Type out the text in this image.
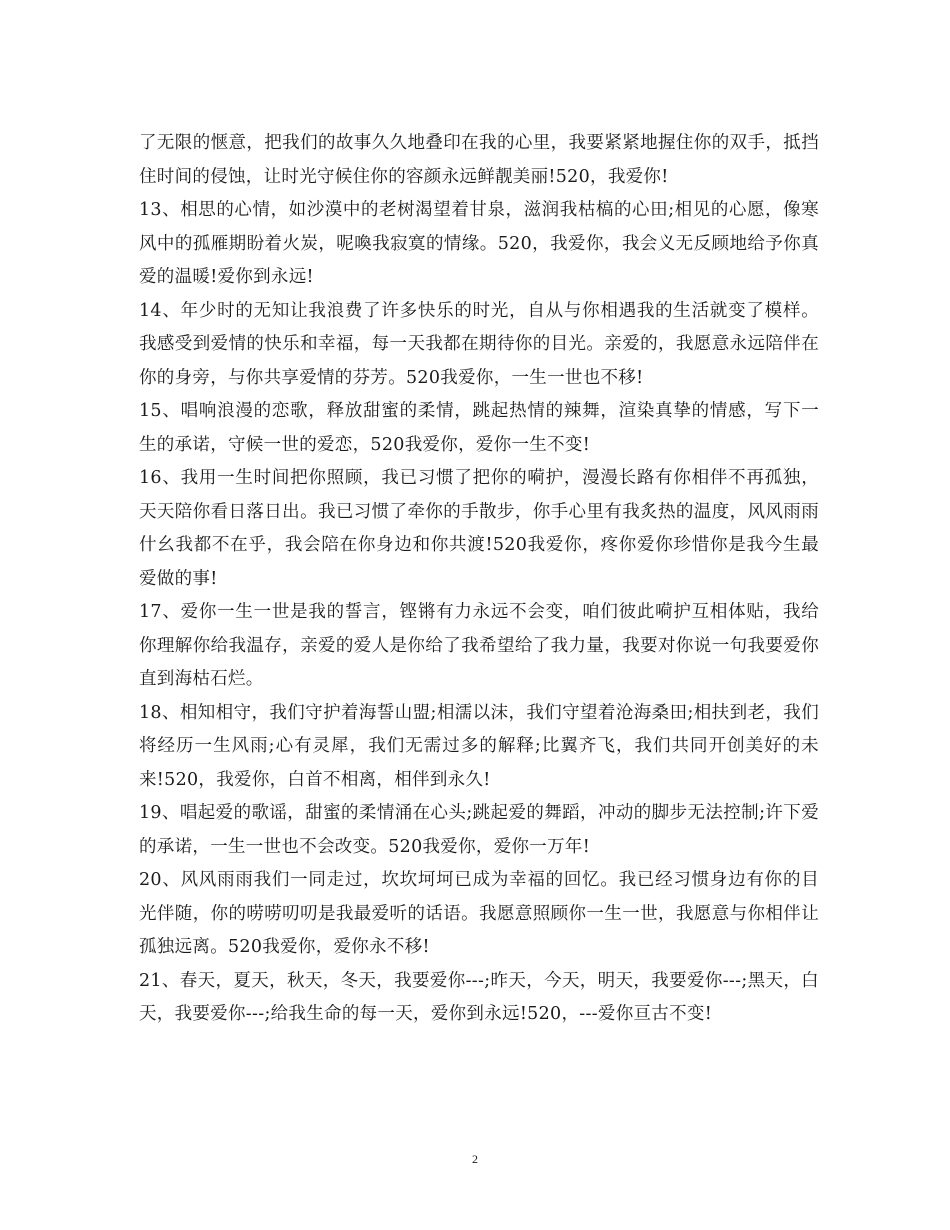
了无限的惬意，把我们的故事久久地叠印在我的心里，我要紧紧地握住你的双手，抵挡住时间的侵蚀，让时光守候住你的容颜永远鲜靓美丽!520，我爱你!

13、相思的心情，如沙漠中的老树渴望着甘泉，滋润我枯槁的心田;相见的心愿，像寒风中的孤雁期盼着火炭，呢喚我寂寞的情缘。520，我爱你，我会义无反顾地给予你真爱的温暖!爱你到永远!

14、年少时的无知让我浪费了许多快乐的时光，自从与你相遇我的生活就变了模样。我感受到爱情的快乐和幸福，每一天我都在期待你的目光。亲爱的，我愿意永远陪伴在你的身旁，与你共享爱情的芬芳。520我爱你，一生一世也不移!

15、唱响浪漫的恋歌，释放甜蜜的柔情，跳起热情的辣舞，渲染真挚的情感，写下一生的承诺，守候一世的爱恋，520我爱你，爱你一生不变!

16、我用一生时间把你照顾，我已习惯了把你的嗬护，漫漫长路有你相伴不再孤独，天天陪你看日落日出。我已习惯了牵你的手散步，你手心里有我炙热的温度，风风雨雨什幺我都不在乎，我会陪在你身边和你共渡!520我爱你，疼你爱你珍惜你是我今生最爱做的事!

17、爱你一生一世是我的誓言，铿锵有力永远不会变，咱们彼此嗬护互相体贴，我给你理解你给我温存，亲爱的爱人是你给了我希望给了我力量，我要对你说一句我要爱你直到海枯石烂。

18、相知相守，我们守护着海誓山盟;相濡以沫，我们守望着沧海桑田;相扶到老，我们将经历一生风雨;心有灵犀，我们无需过多的解释;比翼齐飞，我们共同开创美好的未来!520，我爱你，白首不相离，相伴到永久!

19、唱起爱的歌谣，甜蜜的柔情涌在心头;跳起爱的舞蹈，冲动的脚步无法控制;许下爱的承诺，一生一世也不会改变。520我爱你，爱你一万年!

20、风风雨雨我们一同走过，坎坎坷坷已成为幸福的回忆。我已经习惯身边有你的目光伴随，你的唠唠叨叨是我最爱听的话语。我愿意照顾你一生一世，我愿意与你相伴让孤独远离。520我爱你，爱你永不移!

21、春天，夏天，秋天，冬天，我要爱你---;昨天，今天，明天，我要爱你---;黑天，白天，我要爱你---;给我生命的每一天，爱你到永远!520，---爱你亘古不变!

2
